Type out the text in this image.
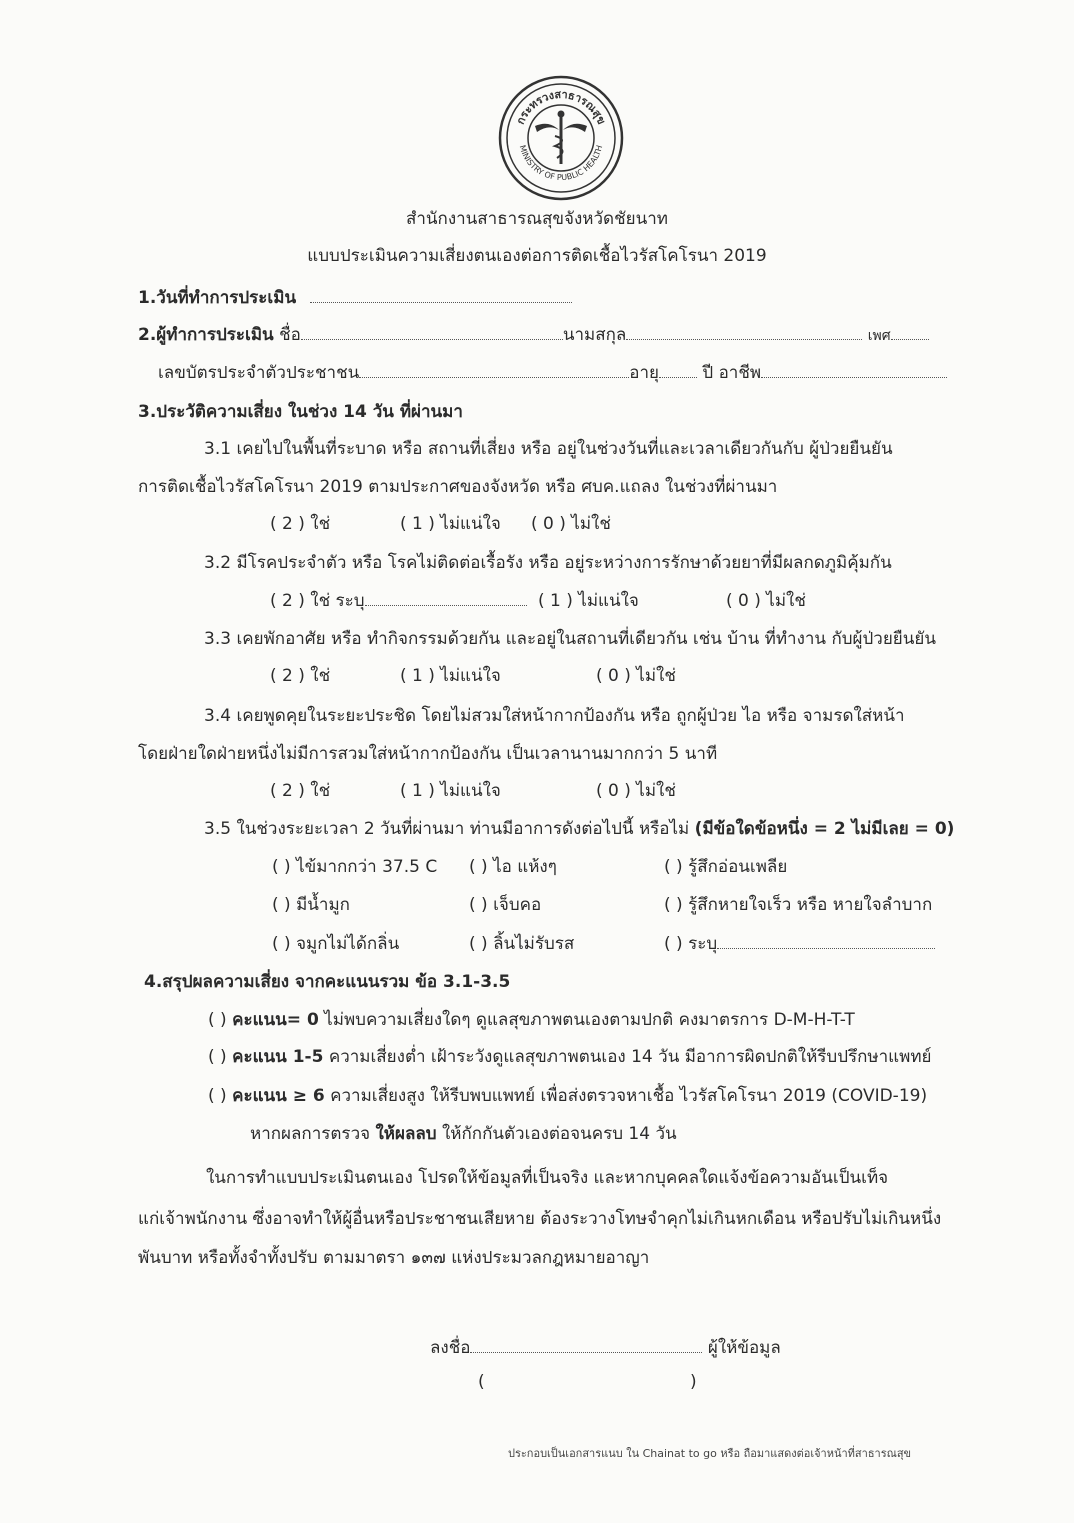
กระทรวงสาธารณสุข
MINISTRY OF PUBLIC HEALTH
สำนักงานสาธารณสุขจังหวัดชัยนาท
แบบประเมินความเสี่ยงตนเองต่อการติดเชื้อไวรัสโคโรนา 2019
1.วันที่ทำการประเมิน
2.ผู้ทำการประเมิน ชื่อ	นามสกุล	เพศ
เลขบัตรประจำตัวประชาชน	อายุ	ปี อาชีพ
3.ประวัติความเสี่ยง ในช่วง 14 วัน ที่ผ่านมา
3.1 เคยไปในพื้นที่ระบาด หรือ สถานที่เสี่ยง หรือ อยู่ในช่วงวันที่และเวลาเดียวกันกับ ผู้ป่วยยืนยัน
การติดเชื้อไวรัสโคโรนา 2019 ตามประกาศของจังหวัด หรือ ศบค.แถลง ในช่วงที่ผ่านมา
( 2 ) ใช่	( 1 ) ไม่แน่ใจ ( 0 ) ไม่ใช่
3.2 มีโรคประจำตัว หรือ โรคไม่ติดต่อเรื้อรัง หรือ อยู่ระหว่างการรักษาด้วยยาที่มีผลกดภูมิคุ้มกัน
( 2 ) ใช่ ระบุ	( 1 ) ไม่แน่ใจ	( 0 ) ไม่ใช่
3.3 เคยพักอาศัย หรือ ทำกิจกรรมด้วยกัน และอยู่ในสถานที่เดียวกัน เช่น บ้าน ที่ทำงาน กับผู้ป่วยยืนยัน
( 2 ) ใช่	( 1 ) ไม่แน่ใจ	( 0 ) ไม่ใช่
3.4 เคยพูดคุยในระยะประชิด โดยไม่สวมใส่หน้ากากป้องกัน หรือ ถูกผู้ป่วย ไอ หรือ จามรดใส่หน้า
โดยฝ่ายใดฝ่ายหนึ่งไม่มีการสวมใส่หน้ากากป้องกัน เป็นเวลานานมากกว่า 5 นาที
( 2 ) ใช่	( 1 ) ไม่แน่ใจ	( 0 ) ไม่ใช่
3.5 ในช่วงระยะเวลา 2 วันที่ผ่านมา ท่านมีอาการดังต่อไปนี้ หรือไม่ (มีข้อใดข้อหนึ่ง = 2 ไม่มีเลย = 0)
( ) ไข้มากกว่า 37.5 C ( ) ไอ แห้งๆ	( ) รู้สึกอ่อนเพลีย
( ) มีน้ำมูก	( ) เจ็บคอ	( ) รู้สึกหายใจเร็ว หรือ หายใจลำบาก
( ) จมูกไม่ได้กลิ่น	( ) ลิ้นไม่รับรส	( ) ระบุ
4.สรุปผลความเสี่ยง จากคะแนนรวม ข้อ 3.1-3.5
( ) คะแนน= 0 ไม่พบความเสี่ยงใดๆ ดูแลสุขภาพตนเองตามปกติ คงมาตรการ D-M-H-T-T
( ) คะแนน 1-5 ความเสี่ยงต่ำ เฝ้าระวังดูแลสุขภาพตนเอง 14 วัน มีอาการผิดปกติให้รีบปรึกษาแพทย์
( ) คะแนน ≥ 6 ความเสี่ยงสูง ให้รีบพบแพทย์ เพื่อส่งตรวจหาเชื้อ ไวรัสโคโรนา 2019 (COVID-19)
หากผลการตรวจ ให้ผลลบ ให้กักกันตัวเองต่อจนครบ 14 วัน
ในการทำแบบประเมินตนเอง โปรดให้ข้อมูลที่เป็นจริง และหากบุคคลใดแจ้งข้อความอันเป็นเท็จ
แก่เจ้าพนักงาน ซึ่งอาจทำให้ผู้อื่นหรือประชาชนเสียหาย ต้องระวางโทษจำคุกไม่เกินหกเดือน หรือปรับไม่เกินหนึ่ง
พันบาท หรือทั้งจำทั้งปรับ ตามมาตรา ๑๓๗ แห่งประมวลกฎหมายอาญา
ลงชื่อ	ผู้ให้ข้อมูล
(	)
ประกอบเป็นเอกสารแนบ ใน Chainat to go หรือ ถือมาแสดงต่อเจ้าหน้าที่สาธารณสุข
